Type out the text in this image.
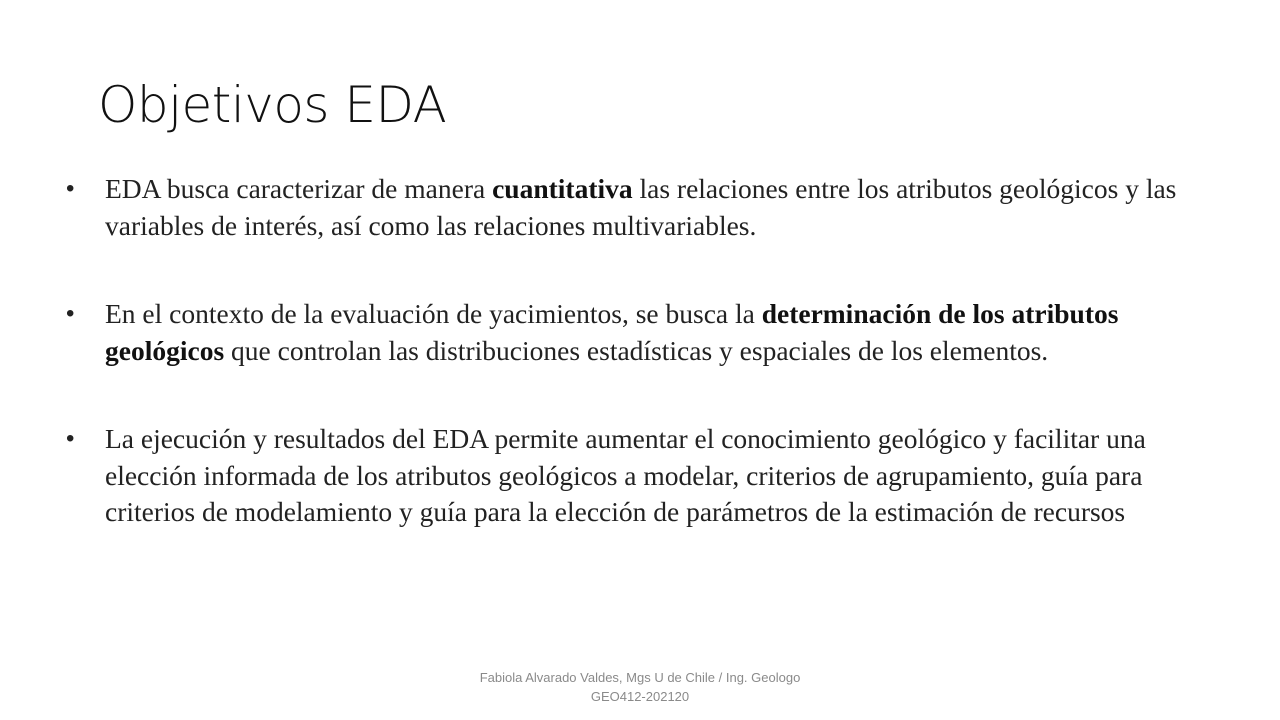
Objetivos EDA
• EDA busca caracterizar de manera cuantitativa las relaciones entre los atributos geológicos y las variables de interés, así como las relaciones multivariables.
• En el contexto de la evaluación de yacimientos, se busca la determinación de los atributos geológicos que controlan las distribuciones estadísticas y espaciales de los elementos.
• La ejecución y resultados del EDA permite aumentar el conocimiento geológico y facilitar una elección informada de los atributos geológicos a modelar, criterios de agrupamiento, guía para criterios de modelamiento y guía para la elección de parámetros de la estimación de recursos
Fabiola Alvarado Valdes, Mgs U de Chile / Ing. Geologo
GEO412-202120
